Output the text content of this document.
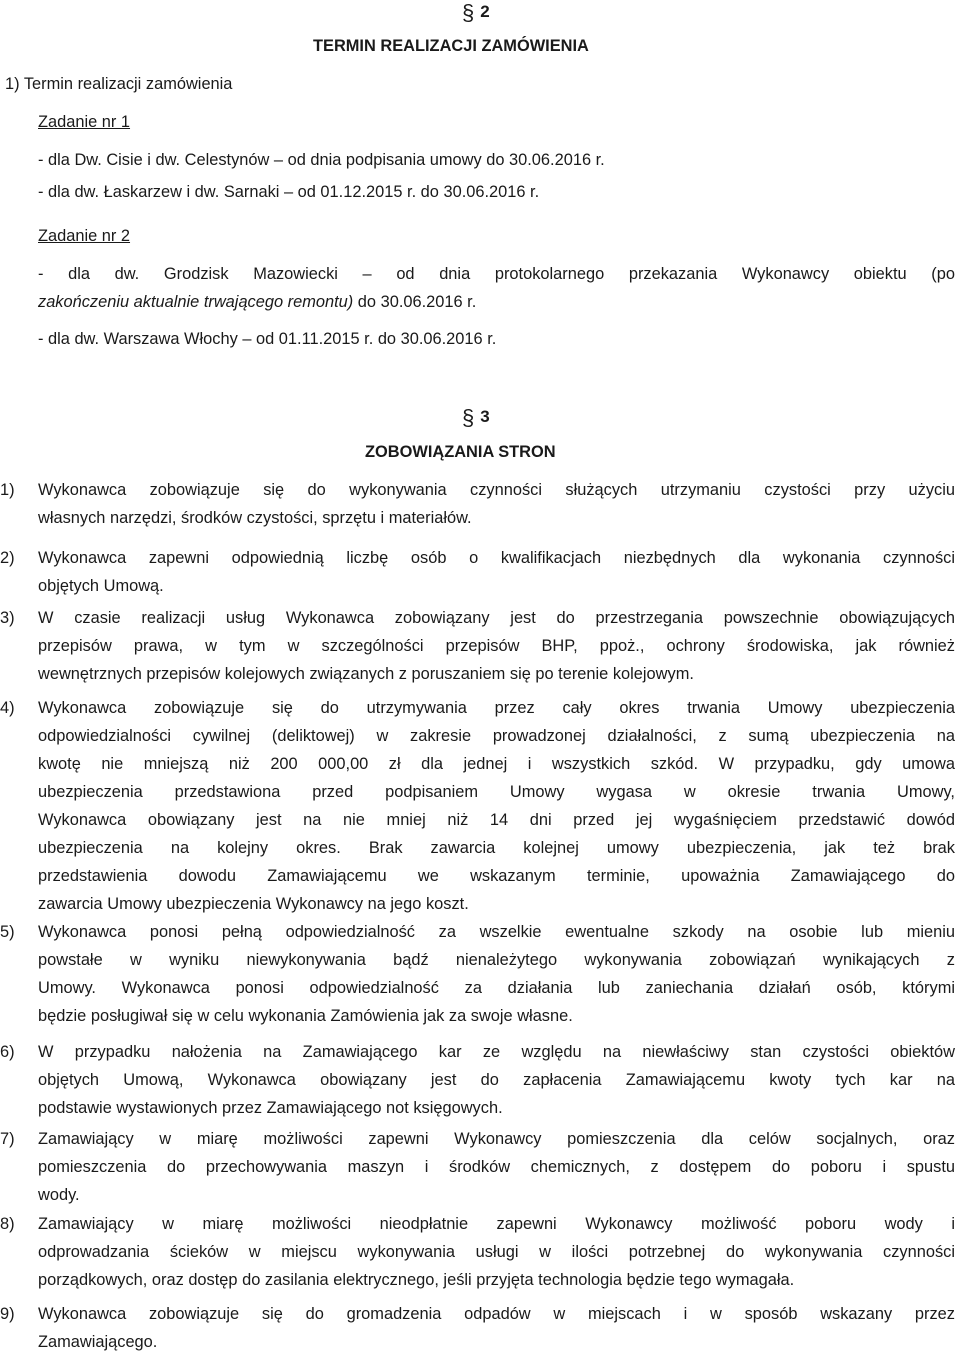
§ 2
TERMIN REALIZACJI ZAMÓWIENIA
1) Termin realizacji zamówienia
Zadanie nr 1
- dla Dw. Cisie i dw. Celestynów – od dnia podpisania umowy do 30.06.2016 r.
- dla dw. Łaskarzew i dw. Sarnaki – od 01.12.2015 r. do 30.06.2016 r.
Zadanie nr 2
- dla dw. Grodzisk Mazowiecki – od dnia protokolarnego przekazania Wykonawcy obiektu (po
zakończeniu aktualnie trwającego remontu) do 30.06.2016 r.
- dla dw. Warszawa Włochy – od 01.11.2015 r. do 30.06.2016 r.
§ 3
ZOBOWIĄZANIA STRON
1) Wykonawca zobowiązuje się do wykonywania czynności służących utrzymaniu czystości przy użyciu
własnych narzędzi, środków czystości, sprzętu i materiałów.
2) Wykonawca zapewni odpowiednią liczbę osób o kwalifikacjach niezbędnych dla wykonania czynności
objętych Umową.
3) W czasie realizacji usług Wykonawca zobowiązany jest do przestrzegania powszechnie obowiązujących
przepisów prawa, w tym w szczególności przepisów BHP, ppoż., ochrony środowiska, jak również
wewnętrznych przepisów kolejowych związanych z poruszaniem się po terenie kolejowym.
4) Wykonawca zobowiązuje się do utrzymywania przez cały okres trwania Umowy ubezpieczenia
odpowiedzialności cywilnej (deliktowej) w zakresie prowadzonej działalności, z sumą ubezpieczenia na
kwotę nie mniejszą niż 200 000,00 zł dla jednej i wszystkich szkód. W przypadku, gdy umowa
ubezpieczenia przedstawiona przed podpisaniem Umowy wygasa w okresie trwania Umowy,
Wykonawca obowiązany jest na nie mniej niż 14 dni przed jej wygaśnięciem przedstawić dowód
ubezpieczenia na kolejny okres. Brak zawarcia kolejnej umowy ubezpieczenia, jak też brak
przedstawienia dowodu Zamawiającemu we wskazanym terminie, upoważnia Zamawiającego do
zawarcia Umowy ubezpieczenia Wykonawcy na jego koszt.
5) Wykonawca ponosi pełną odpowiedzialność za wszelkie ewentualne szkody na osobie lub mieniu
powstałe w wyniku niewykonywania bądź nienależytego wykonywania zobowiązań wynikających z
Umowy. Wykonawca ponosi odpowiedzialność za działania lub zaniechania działań osób, którymi
będzie posługiwał się w celu wykonania Zamówienia jak za swoje własne.
6) W przypadku nałożenia na Zamawiającego kar ze względu na niewłaściwy stan czystości obiektów
objętych Umową, Wykonawca obowiązany jest do zapłacenia Zamawiającemu kwoty tych kar na
podstawie wystawionych przez Zamawiającego not księgowych.
7) Zamawiający w miarę możliwości zapewni Wykonawcy pomieszczenia dla celów socjalnych, oraz
pomieszczenia do przechowywania maszyn i środków chemicznych, z dostępem do poboru i spustu
wody.
8) Zamawiający w miarę możliwości nieodpłatnie zapewni Wykonawcy możliwość poboru wody i
odprowadzania ścieków w miejscu wykonywania usługi w ilości potrzebnej do wykonywania czynności
porządkowych, oraz dostęp do zasilania elektrycznego, jeśli przyjęta technologia będzie tego wymagała.
9) Wykonawca zobowiązuje się do gromadzenia odpadów w miejscach i w sposób wskazany przez
Zamawiającego.
